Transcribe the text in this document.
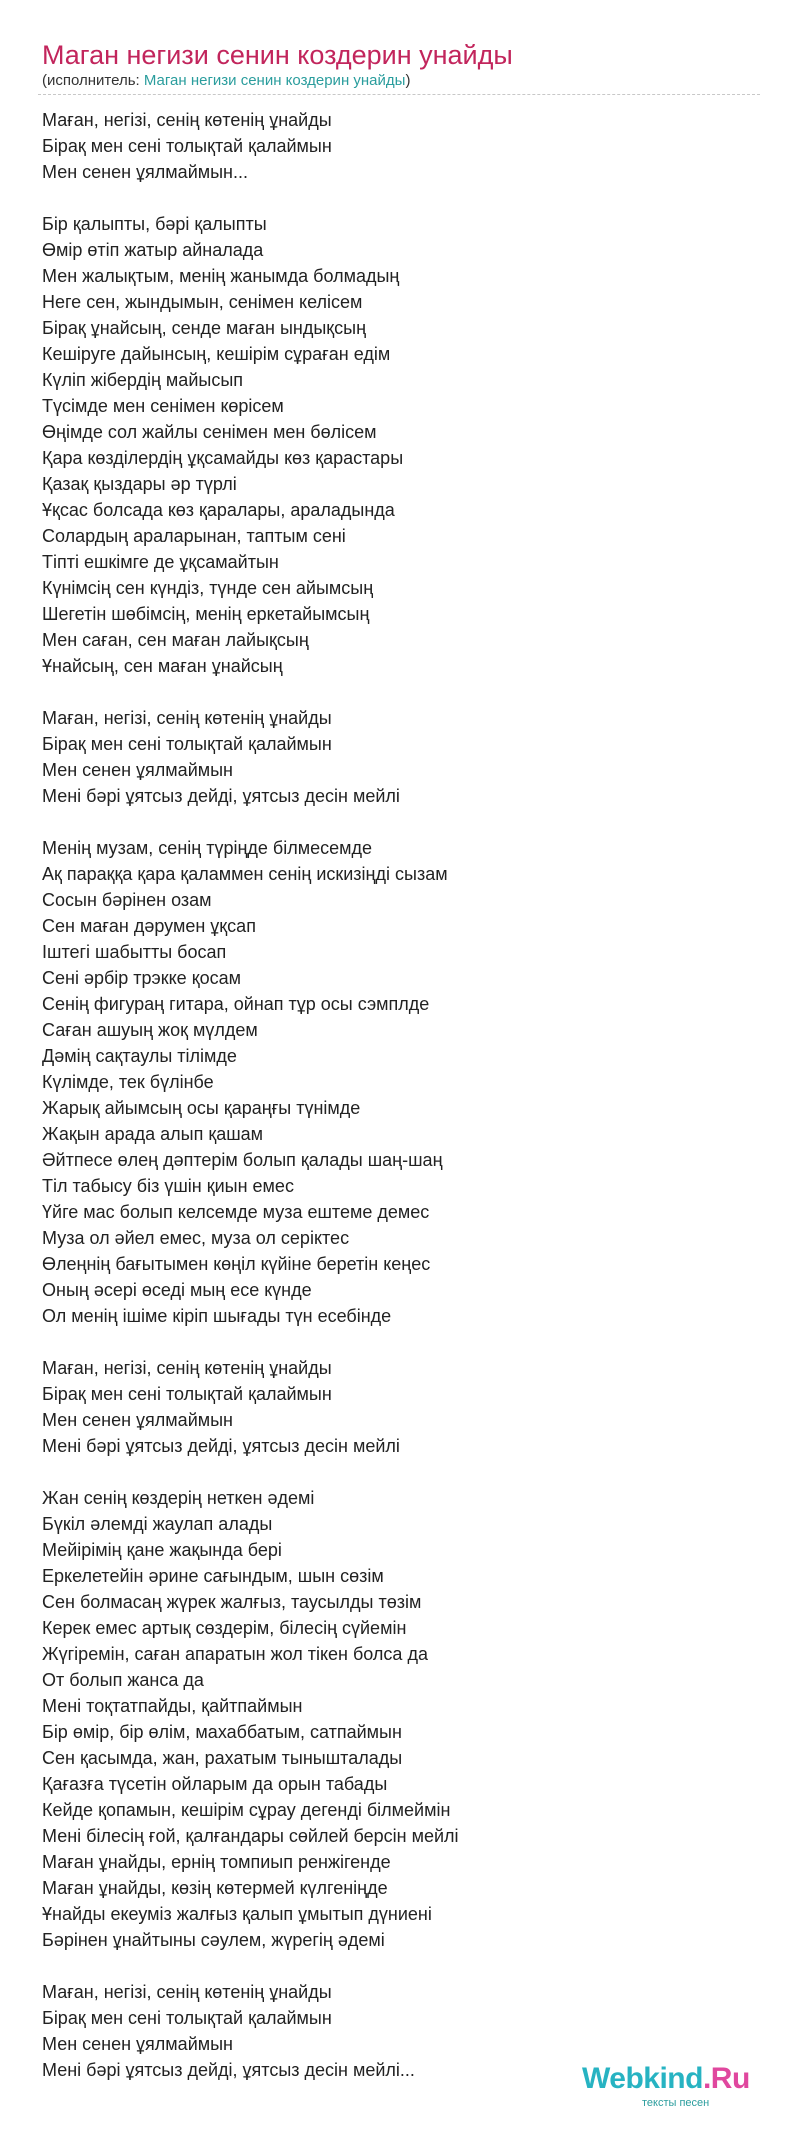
Маган негизи сенин коздерин унайды
(исполнитель: Маган негизи сенин коздерин унайды)
Маған, негізі, сенің көтенің ұнайды
Бірақ мен сені толықтай қалаймын
Мен сенен ұялмаймын...
Бір қалыпты, бәрі қалыпты
Өмір өтіп жатыр айналада
Мен жалықтым, менің жанымда болмадың
Неге сен, жындымын, сенімен келісем
Бірақ ұнайсың, сенде маған ындықсың
Кешіруге дайынсың, кешірім сұраған едім
Күліп жібердің майысып
Түсімде мен сенімен көрісем
Өңімде сол жайлы сенімен мен бөлісем
Қара көзділердің ұқсамайды көз қарастары
Қазақ қыздары әр түрлі
Ұқсас болсада көз қаралары, араладында
Солардың араларынан, таптым сені
Тіпті ешкімге де ұқсамайтын
Күнімсің сен күндіз, түнде сен айымсың
Шегетін шөбімсің, менің еркетайымсың
Мен саған, сен маған лайықсың
Ұнайсың, сен маған ұнайсың
Маған, негізі, сенің көтенің ұнайды
Бірақ мен сені толықтай қалаймын
Мен сенен ұялмаймын
Мені бәрі ұятсыз дейді, ұятсыз десін мейлі
Менің музам, сенің түріңде білмесемде
Ақ параққа қара қаламмен сенің искизіңді сызам
Сосын бәрінен озам
Сен маған дәрумен ұқсап
Іштегі шабытты босап
Сені әрбір трэкке қосам
Сенің фигураң гитара, ойнап тұр осы сэмплде
Саған ашуың жоқ мүлдем
Дәмің сақтаулы тілімде
Күлімде, тек бүлінбе
Жарық айымсың осы қараңғы түнімде
Жақын арада алып қашам
Әйтпесе өлең дәптерім болып қалады шаң-шаң
Тіл табысу біз үшін қиын емес
Үйге мас болып келсемде муза ештеме демес
Муза ол әйел емес, муза ол серіктес
Өлеңнің бағытымен көңіл күйіне беретін кеңес
Оның әсері өседі мың есе күнде
Ол менің ішіме кіріп шығады түн есебінде
Маған, негізі, сенің көтенің ұнайды
Бірақ мен сені толықтай қалаймын
Мен сенен ұялмаймын
Мені бәрі ұятсыз дейді, ұятсыз десін мейлі
Жан сенің көздерің неткен әдемі
Бүкіл әлемді жаулап алады
Мейірімің қане жақында бері
Еркелетейін әрине сағындым, шын сөзім
Сен болмасаң жүрек жалғыз, таусылды төзім
Керек емес артық сөздерім, білесің сүйемін
Жүгіремін, саған апаратын жол тікен болса да
От болып жанса да
Мені тоқтатпайды, қайтпаймын
Бір өмір, бір өлім, махаббатым, сатпаймын
Сен қасымда, жан, рахатым тынышталады
Қағазға түсетін ойларым да орын табады
Кейде қопамын, кешірім сұрау дегенді білмеймін
Мені білесің ғой, қалғандары сөйлей берсін мейлі
Маған ұнайды, ернің томпиып ренжігенде
Маған ұнайды, көзің көтермей күлгеніңде
Ұнайды екеуміз жалғыз қалып ұмытып дүниені
Бәрінен ұнайтыны сәулем, жүрегің әдемі
Маған, негізі, сенің көтенің ұнайды
Бірақ мен сені толықтай қалаймын
Мен сенен ұялмаймын
Мені бәрі ұятсыз дейді, ұятсыз десін мейлі...	Webkind.Ru
тексты песен
